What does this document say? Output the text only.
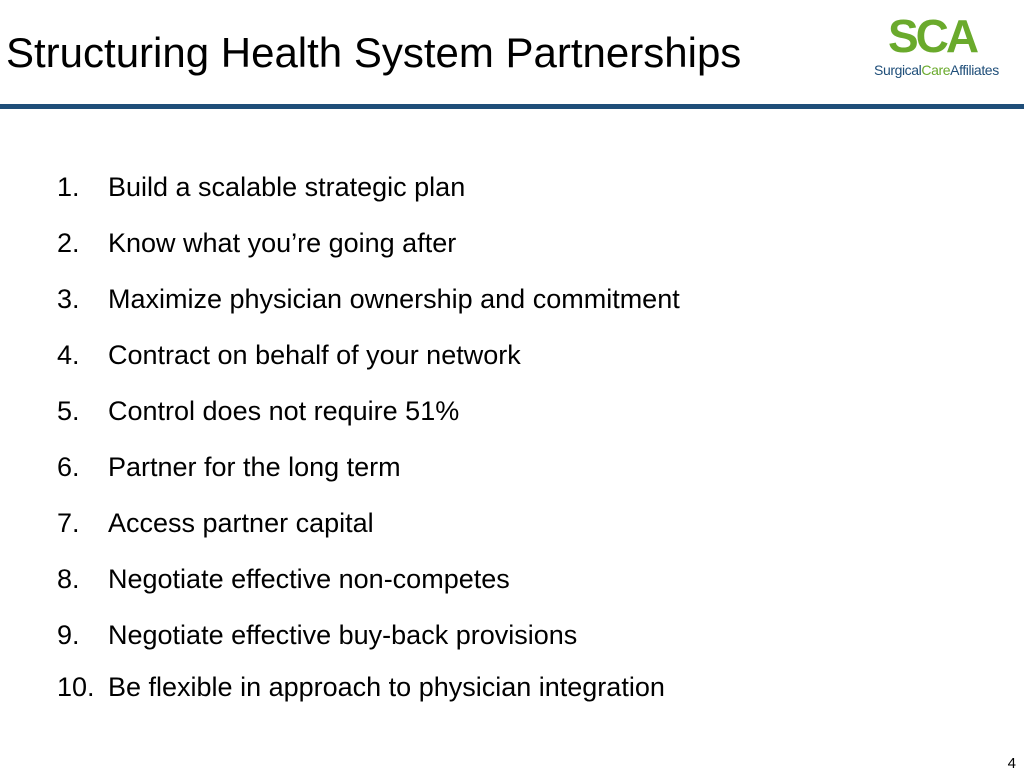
Structuring Health System Partnerships	SCA
SurgicalCareAffiliates
1. Build a scalable strategic plan
2. Know what you’re going after
3. Maximize physician ownership and commitment
4. Contract on behalf of your network
5. Control does not require 51%
6. Partner for the long term
7. Access partner capital
8. Negotiate effective non-competes
9. Negotiate effective buy-back provisions
10. Be flexible in approach to physician integration
4
